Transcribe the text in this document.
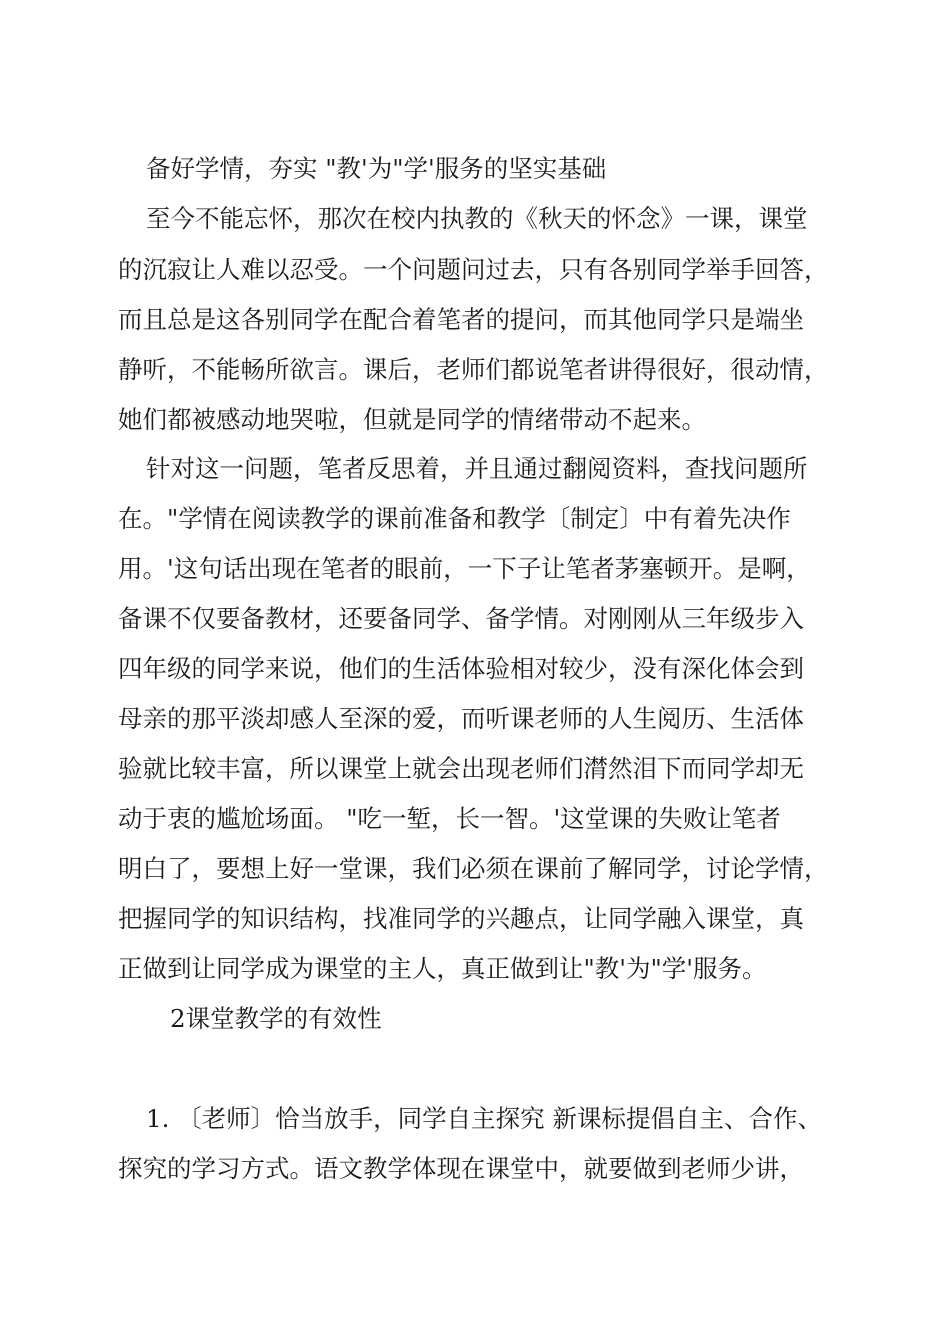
备好学情，夯实 "教'为"学'服务的坚实基础
至今不能忘怀，那次在校内执教的《秋天的怀念》一课，课堂
的沉寂让人难以忍受。一个问题问过去，只有各别同学举手回答，
而且总是这各别同学在配合着笔者的提问，而其他同学只是端坐
静听，不能畅所欲言。课后，老师们都说笔者讲得很好，很动情，
她们都被感动地哭啦，但就是同学的情绪带动不起来。
针对这一问题，笔者反思着，并且通过翻阅资料，查找问题所
在。"学情在阅读教学的课前准备和教学〔制定〕中有着先决作
用。'这句话出现在笔者的眼前，一下子让笔者茅塞顿开。是啊，
备课不仅要备教材，还要备同学、备学情。对刚刚从三年级步入
四年级的同学来说，他们的生活体验相对较少，没有深化体会到
母亲的那平淡却感人至深的爱，而听课老师的人生阅历、生活体
验就比较丰富，所以课堂上就会出现老师们潸然泪下而同学却无
动于衷的尴尬场面。 "吃一堑，长一智。'这堂课的失败让笔者
明白了，要想上好一堂课，我们必须在课前了解同学，讨论学情，
把握同学的知识结构，找准同学的兴趣点，让同学融入课堂，真
正做到让同学成为课堂的主人，真正做到让"教'为"学'服务。
2课堂教学的有效性
1. 〔老师〕恰当放手，同学自主探究 新课标提倡自主、合作、
探究的学习方式。语文教学体现在课堂中，就要做到老师少讲，
